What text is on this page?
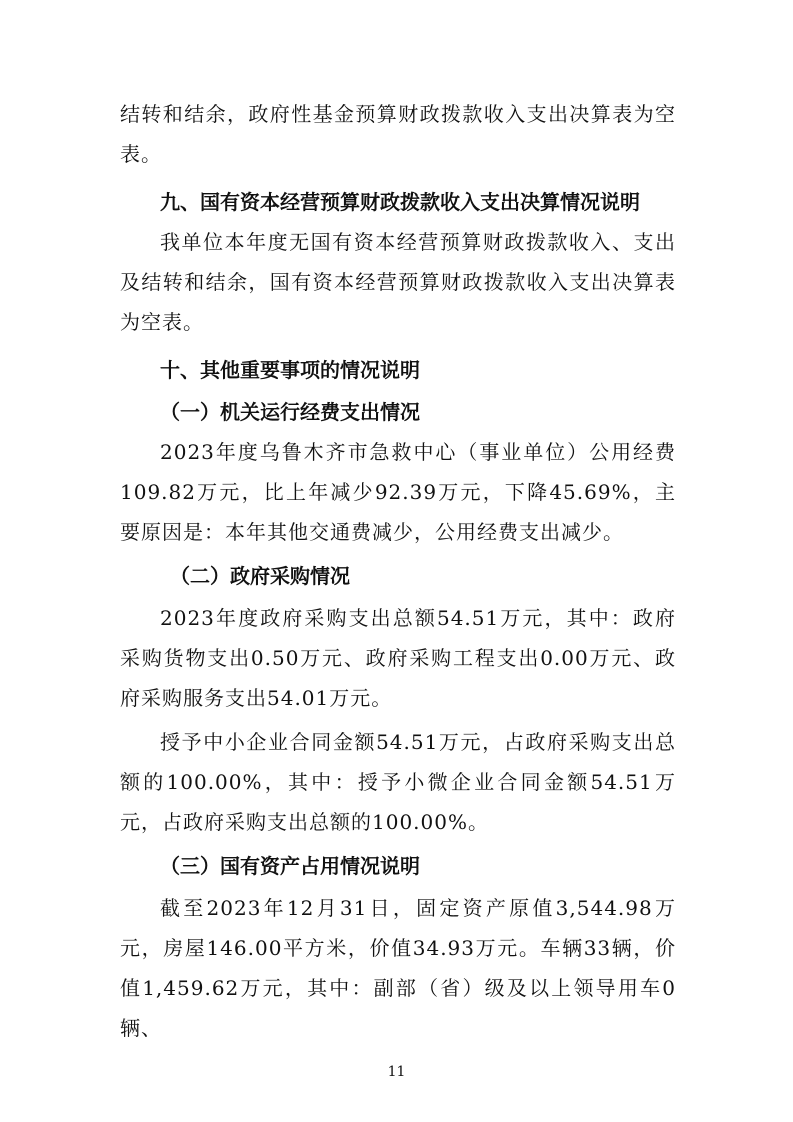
结转和结余，政府性基金预算财政拨款收入支出决算表为空表。
九、国有资本经营预算财政拨款收入支出决算情况说明
我单位本年度无国有资本经营预算财政拨款收入、支出及结转和结余，国有资本经营预算财政拨款收入支出决算表为空表。
十、其他重要事项的情况说明
（一）机关运行经费支出情况
2023年度乌鲁木齐市急救中心（事业单位）公用经费109.82万元，比上年减少92.39万元，下降45.69%，主要原因是：本年其他交通费减少，公用经费支出减少。
（二）政府采购情况
2023年度政府采购支出总额54.51万元，其中：政府采购货物支出0.50万元、政府采购工程支出0.00万元、政府采购服务支出54.01万元。
授予中小企业合同金额54.51万元，占政府采购支出总额的100.00%，其中：授予小微企业合同金额54.51万元，占政府采购支出总额的100.00%。
（三）国有资产占用情况说明
截至2023年12月31日，固定资产原值3,544.98万元，房屋146.00平方米，价值34.93万元。车辆33辆，价值1,459.62万元，其中：副部（省）级及以上领导用车0辆、
11
